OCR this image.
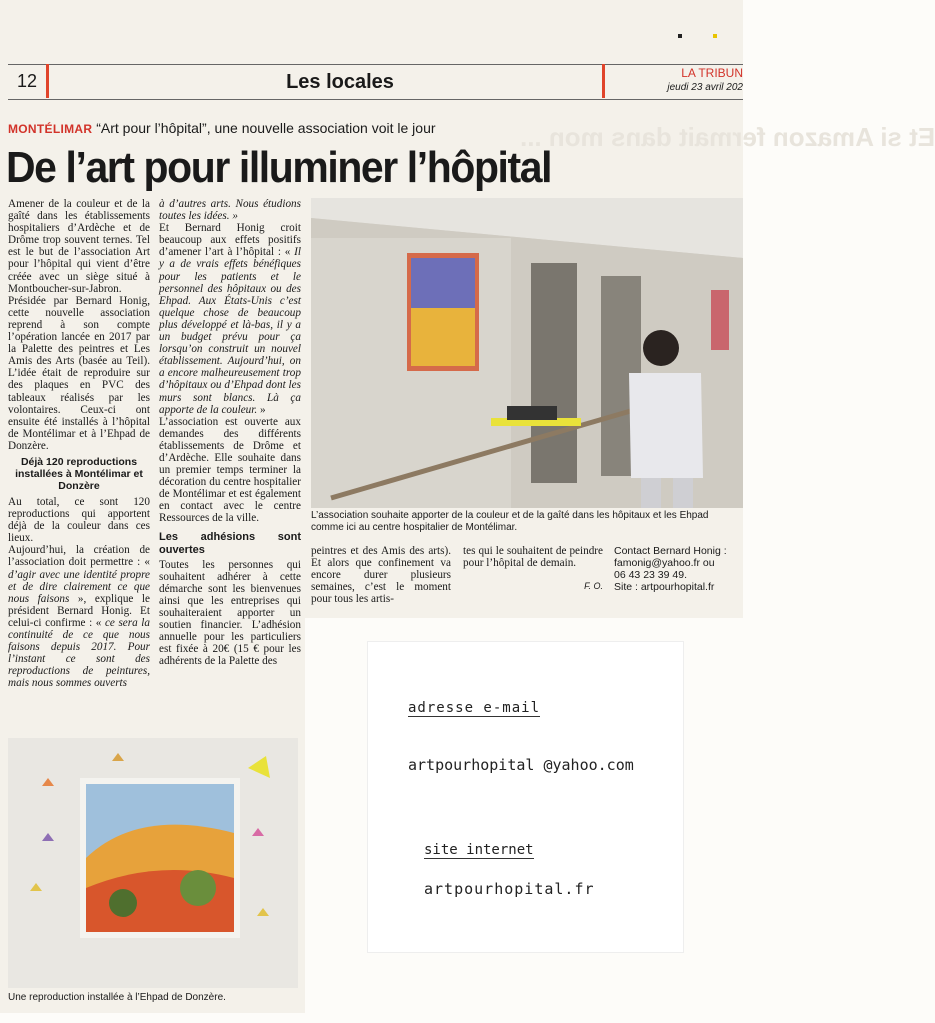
Et si Amazon fermait dans mon ...
12	Les locales	LA TRIBUN
jeudi 23 avril 202
MONTÉLIMAR “Art pour l’hôpital”, une nouvelle association voit le jour
De l’art pour illuminer l’hôpital

Amener de la couleur et de la gaîté dans les établissements hospitaliers d’Ardèche et de Drôme trop souvent ternes. Tel est le but de l’association Art pour l’hôpital qui vient d’être créée avec un siège situé à Montboucher-sur-Jabron. Présidée par Bernard Honig, cette nouvelle association reprend à son compte l’opération lancée en 2017 par la Palette des peintres et Les Amis des Arts (basée au Teil). L’idée était de reproduire sur des plaques en PVC des tableaux réalisés par les volontaires. Ceux-ci ont ensuite été installés à l’hôpital de Montélimar et à l’Ehpad de Donzère.

Déjà 120 reproductions installées à Montélimar et Donzère

Au total, ce sont 120 reproductions qui apportent déjà de la couleur dans ces lieux.

Aujourd’hui, la création de l’association doit permettre : « d’agir avec une identité propre et de dire clairement ce que nous faisons », explique le président Bernard Honig. Et celui-ci confirme : « ce sera la continuité de ce que nous faisons depuis 2017. Pour l’instant ce sont des reproductions de peintures, mais nous sommes ouverts

à d’autres arts. Nous étudions toutes les idées. »

Et Bernard Honig croit beaucoup aux effets positifs d’amener l’art à l’hôpital : « Il y a de vrais effets bénéfiques pour les patients et le personnel des hôpitaux ou des Ehpad. Aux États-Unis c’est quelque chose de beaucoup plus développé et là-bas, il y a un budget prévu pour ça lorsqu’on construit un nouvel établissement. Aujourd’hui, on a encore malheureusement trop d’hôpitaux ou d’Ehpad dont les murs sont blancs. Là ça apporte de la couleur. »

L’association est ouverte aux demandes des différents établissements de Drôme et d’Ardèche. Elle souhaite dans un premier temps terminer la décoration du centre hospitalier de Montélimar et est également en contact avec le centre Ressources de la ville.

Les adhésions sont ouvertes

Toutes les personnes qui souhaitent adhérer à cette démarche sont les bienvenues ainsi que les entreprises qui souhaiteraient apporter un soutien financier. L’adhésion annuelle pour les particuliers est fixée à 20€ (15 € pour les adhérents de la Palette des

L’association souhaite apporter de la couleur et de la gaîté dans les hôpitaux et les Ehpad comme ici au centre hospitalier de Montélimar.
peintres et des Amis des arts). Et alors que confinement va encore durer plusieurs semaines, c’est le moment pour tous les artis-

tes qui le souhaitent de peindre pour l’hôpital de demain.

F. O.

Contact Bernard Honig :
famonig@yahoo.fr ou
06 43 23 39 49.
Site : artpourhopital.fr
Une reproduction installée à l’Ehpad de Donzère.
adresse e-mail
artpourhopital @yahoo.com
site internet
artpourhopital.fr
